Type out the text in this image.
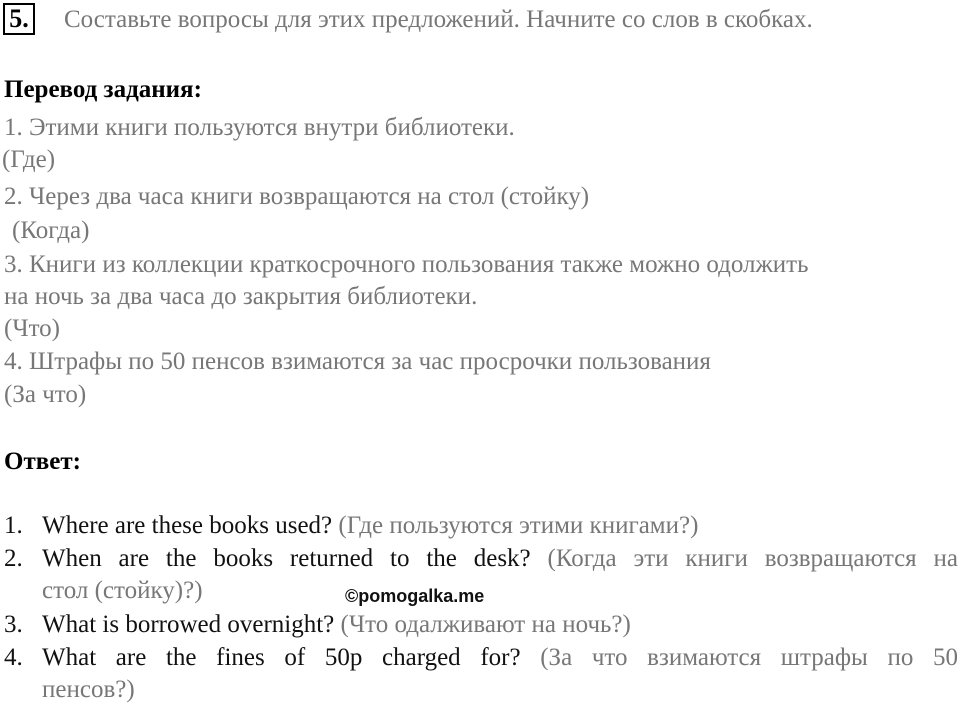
5. Составьте вопросы для этих предложений. Начните со слов в скобках.
Перевод задания:
1. Этими книги пользуются внутри библиотеки.
(Где)
2. Через два часа книги возвращаются на стол (стойку)
(Когда)
3. Книги из коллекции краткосрочного пользования также можно одолжить
на ночь за два часа до закрытия библиотеки.
(Что)
4. Штрафы по 50 пенсов взимаются за час просрочки пользования
(За что)
Ответ:
1. Where are these books used? (Где пользуются этими книгами?)
2. When are the books returned to the desk? (Когда эти книги возвращаются на
стол (стойку)?)	©pomogalka.me
3. What is borrowed overnight? (Что одалживают на ночь?)
4. What are the fines of 50p charged for? (За что взимаются штрафы по 50
пенсов?)
